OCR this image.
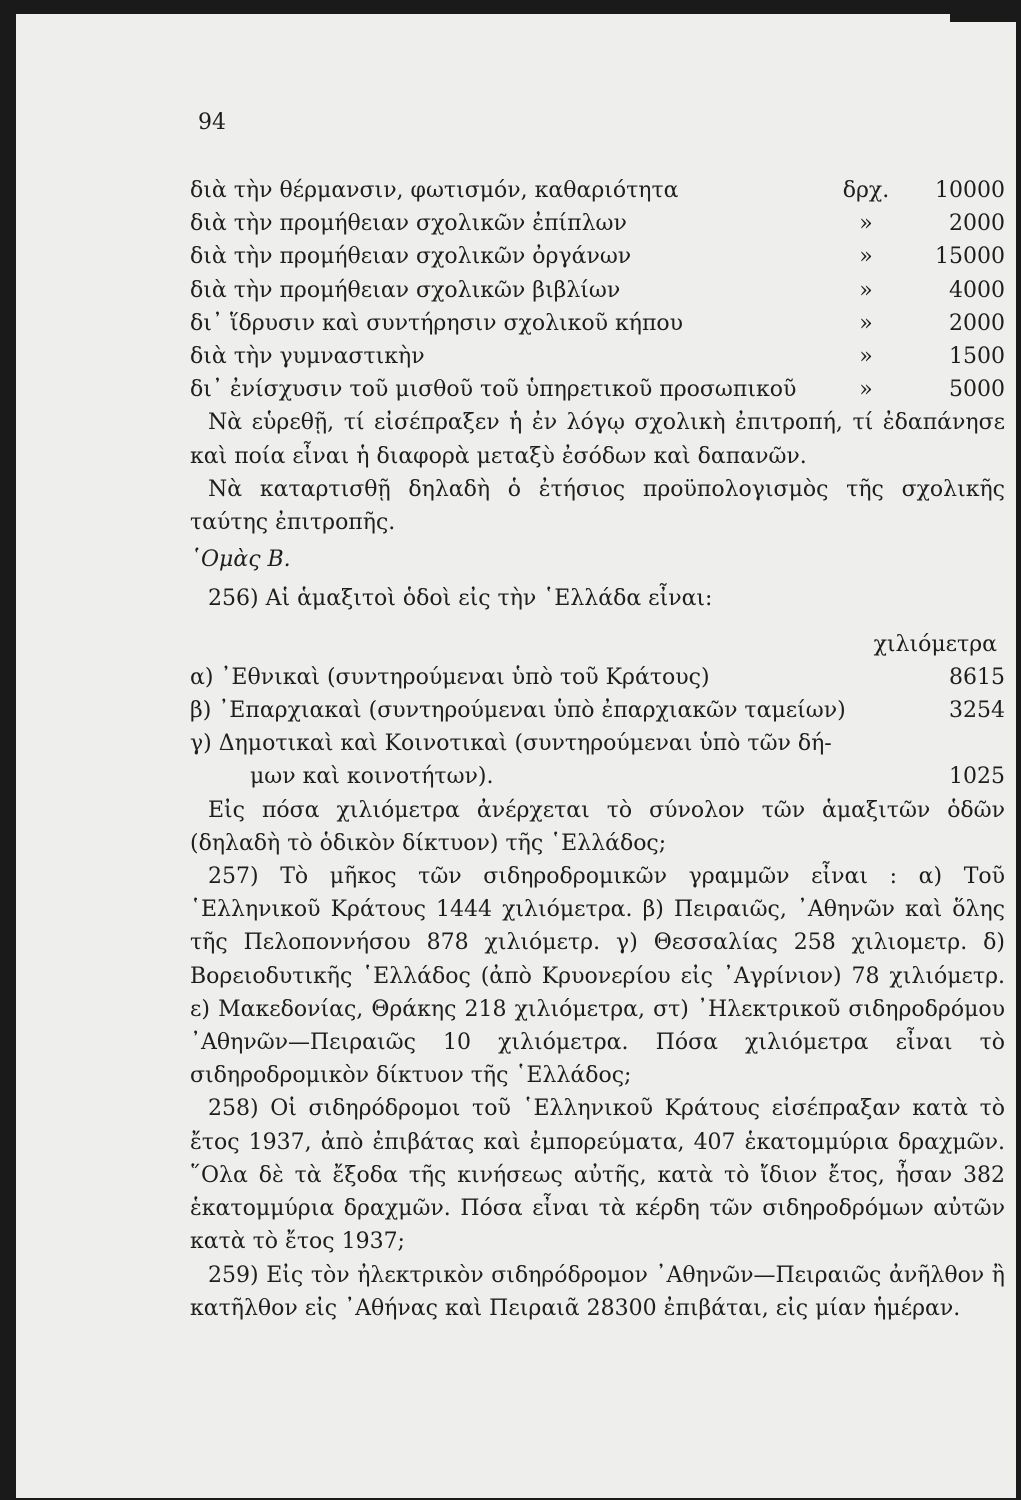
94
διὰ τὴν θέρμανσιν, φωτισμόν, καθαριότητα	δρχ.	10000
διὰ τὴν προμήθειαν σχολικῶν ἐπίπλων	»	2000
διὰ τὴν προμήθειαν σχολικῶν ὀργάνων	»	15000
διὰ τὴν προμήθειαν σχολικῶν βιβλίων	»	4000
δι᾿ ἵδρυσιν καὶ συντήρησιν σχολικοῦ κήπου	»	2000
διὰ τὴν γυμναστικὴν	»	1500
δι᾿ ἐνίσχυσιν τοῦ μισθοῦ τοῦ ὑπηρετικοῦ προσωπικοῦ	»	5000

Νὰ εὑρεθῇ, τί εἰσέπραξεν ἡ ἐν λόγῳ σχολικὴ ἐπιτροπή, τί ἐδαπάνησε καὶ ποία εἶναι ἡ διαφορὰ μεταξὺ ἐσόδων καὶ δαπανῶν.

Νὰ καταρτισθῇ δηλαδὴ ὁ ἐτήσιος προϋπολογισμὸς τῆς σχολικῆς ταύτης ἐπιτροπῆς.

῾Ομὰς Β.
256) Αἱ ἁμαξιτοὶ ὁδοὶ εἰς τὴν ῾Ελλάδα εἶναι:
χιλιόμετρα
α) ᾿Εθνικαὶ (συντηρούμεναι ὑπὸ τοῦ Κράτους)	8615
β) ᾿Επαρχιακαὶ (συντηρούμεναι ὑπὸ ἐπαρχιακῶν ταμείων)	3254
γ) Δημοτικαὶ καὶ Κοινοτικαὶ (συντηρούμεναι ὑπὸ τῶν δή-
μων καὶ κοινοτήτων).	1025

Εἰς πόσα χιλιόμετρα ἀνέρχεται τὸ σύνολον τῶν ἁμαξιτῶν ὁδῶν (δηλαδὴ τὸ ὁδικὸν δίκτυον) τῆς ῾Ελλάδος;

257) Τὸ μῆκος τῶν σιδηροδρομικῶν γραμμῶν εἶναι : α) Τοῦ ῾Ελληνικοῦ Κράτους 1444 χιλιόμετρα. β) Πειραιῶς, ᾿Αθηνῶν καὶ ὅλης τῆς Πελοποννήσου 878 χιλιόμετρ. γ) Θεσσαλίας 258 χιλιομετρ. δ) Βορειοδυτικῆς ῾Ελλάδος (ἀπὸ Κρυονερίου εἰς ᾿Αγρίνιον) 78 χιλιόμετρ. ε) Μακεδονίας, Θράκης 218 χιλιόμετρα, στ) ᾿Ηλεκτρικοῦ σιδηροδρόμου ᾿Αθηνῶν—Πειραιῶς 10 χιλιόμετρα. Πόσα χιλιόμετρα εἶναι τὸ σιδηροδρομικὸν δίκτυον τῆς ῾Ελλάδος;

258) Οἱ σιδηρόδρομοι τοῦ ῾Ελληνικοῦ Κράτους εἰσέπραξαν κατὰ τὸ ἔτος 1937, ἀπὸ ἐπιβάτας καὶ ἐμπορεύματα, 407 ἑκατομμύρια δραχμῶν. ῞Ολα δὲ τὰ ἔξοδα τῆς κινήσεως αὐτῆς, κατὰ τὸ ἴδιον ἔτος, ἦσαν 382 ἑκατομμύρια δραχμῶν. Πόσα εἶναι τὰ κέρδη τῶν σιδηροδρόμων αὐτῶν κατὰ τὸ ἔτος 1937;

259) Εἰς τὸν ἠλεκτρικὸν σιδηρόδρομον ᾿Αθηνῶν—Πειραιῶς ἀνῆλθον ἢ κατῆλθον εἰς ᾿Αθήνας καὶ Πειραιᾶ 28300 ἐπιβάται, εἰς μίαν ἡμέραν.
